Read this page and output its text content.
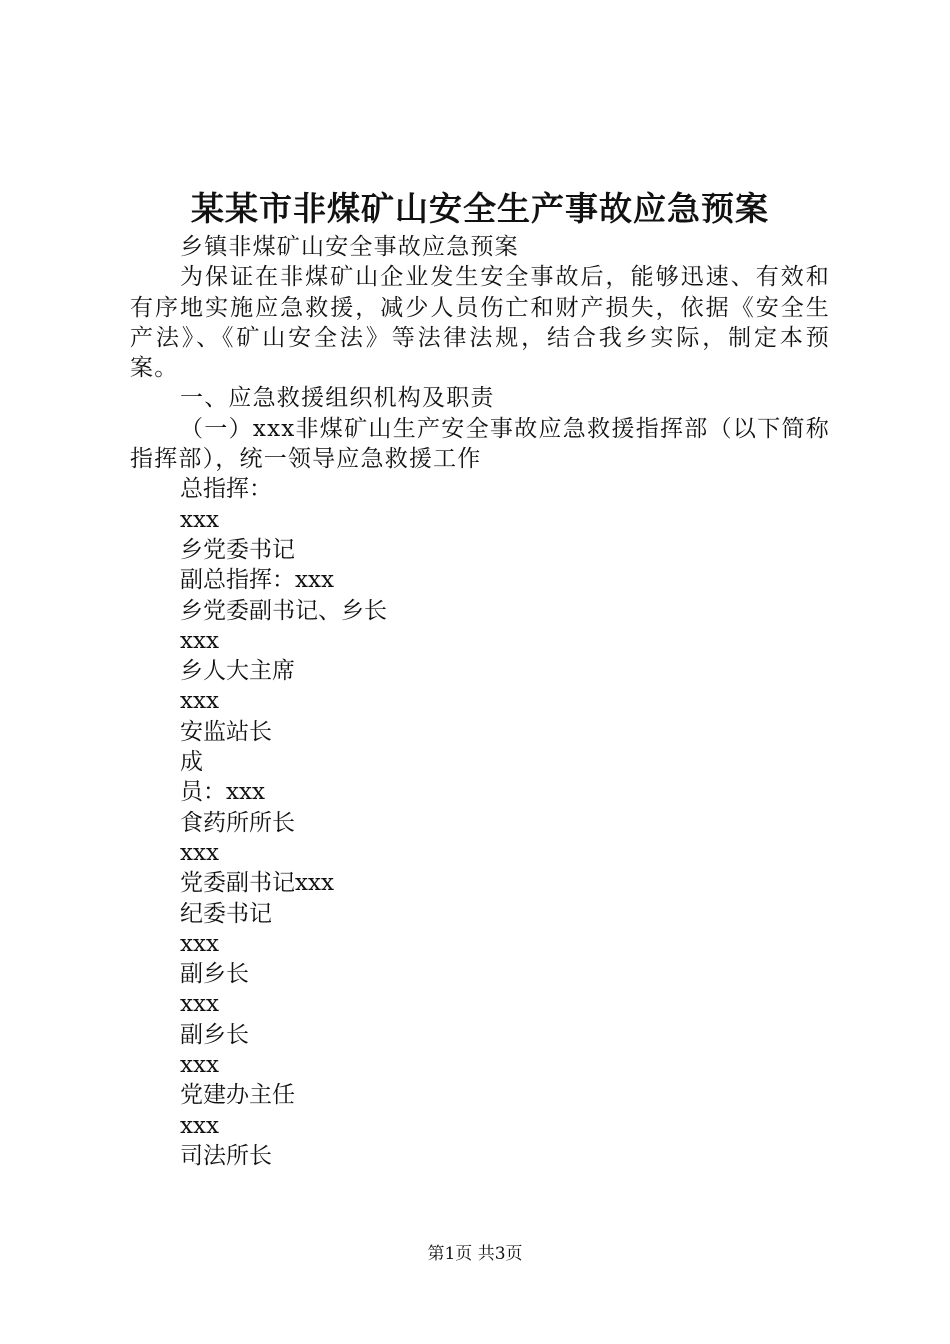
某某市非煤矿山安全生产事故应急预案

乡镇非煤矿山安全事故应急预案

为保证在非煤矿山企业发生安全事故后，能够迅速、有效和有序地实施应急救援，减少人员伤亡和财产损失，依据《安全生产法》、《矿山安全法》等法律法规，结合我乡实际，制定本预案。

一、应急救援组织机构及职责

（一）xxx非煤矿山生产安全事故应急救援指挥部（以下简称指挥部），统一领导应急救援工作

总指挥：

xxx

乡党委书记

副总指挥：xxx

乡党委副书记、乡长

xxx

乡人大主席

xxx

安监站长

成

员：xxx

食药所所长

xxx

党委副书记xxx

纪委书记

xxx

副乡长

xxx

副乡长

xxx

党建办主任

xxx

司法所长

第1页 共3页
